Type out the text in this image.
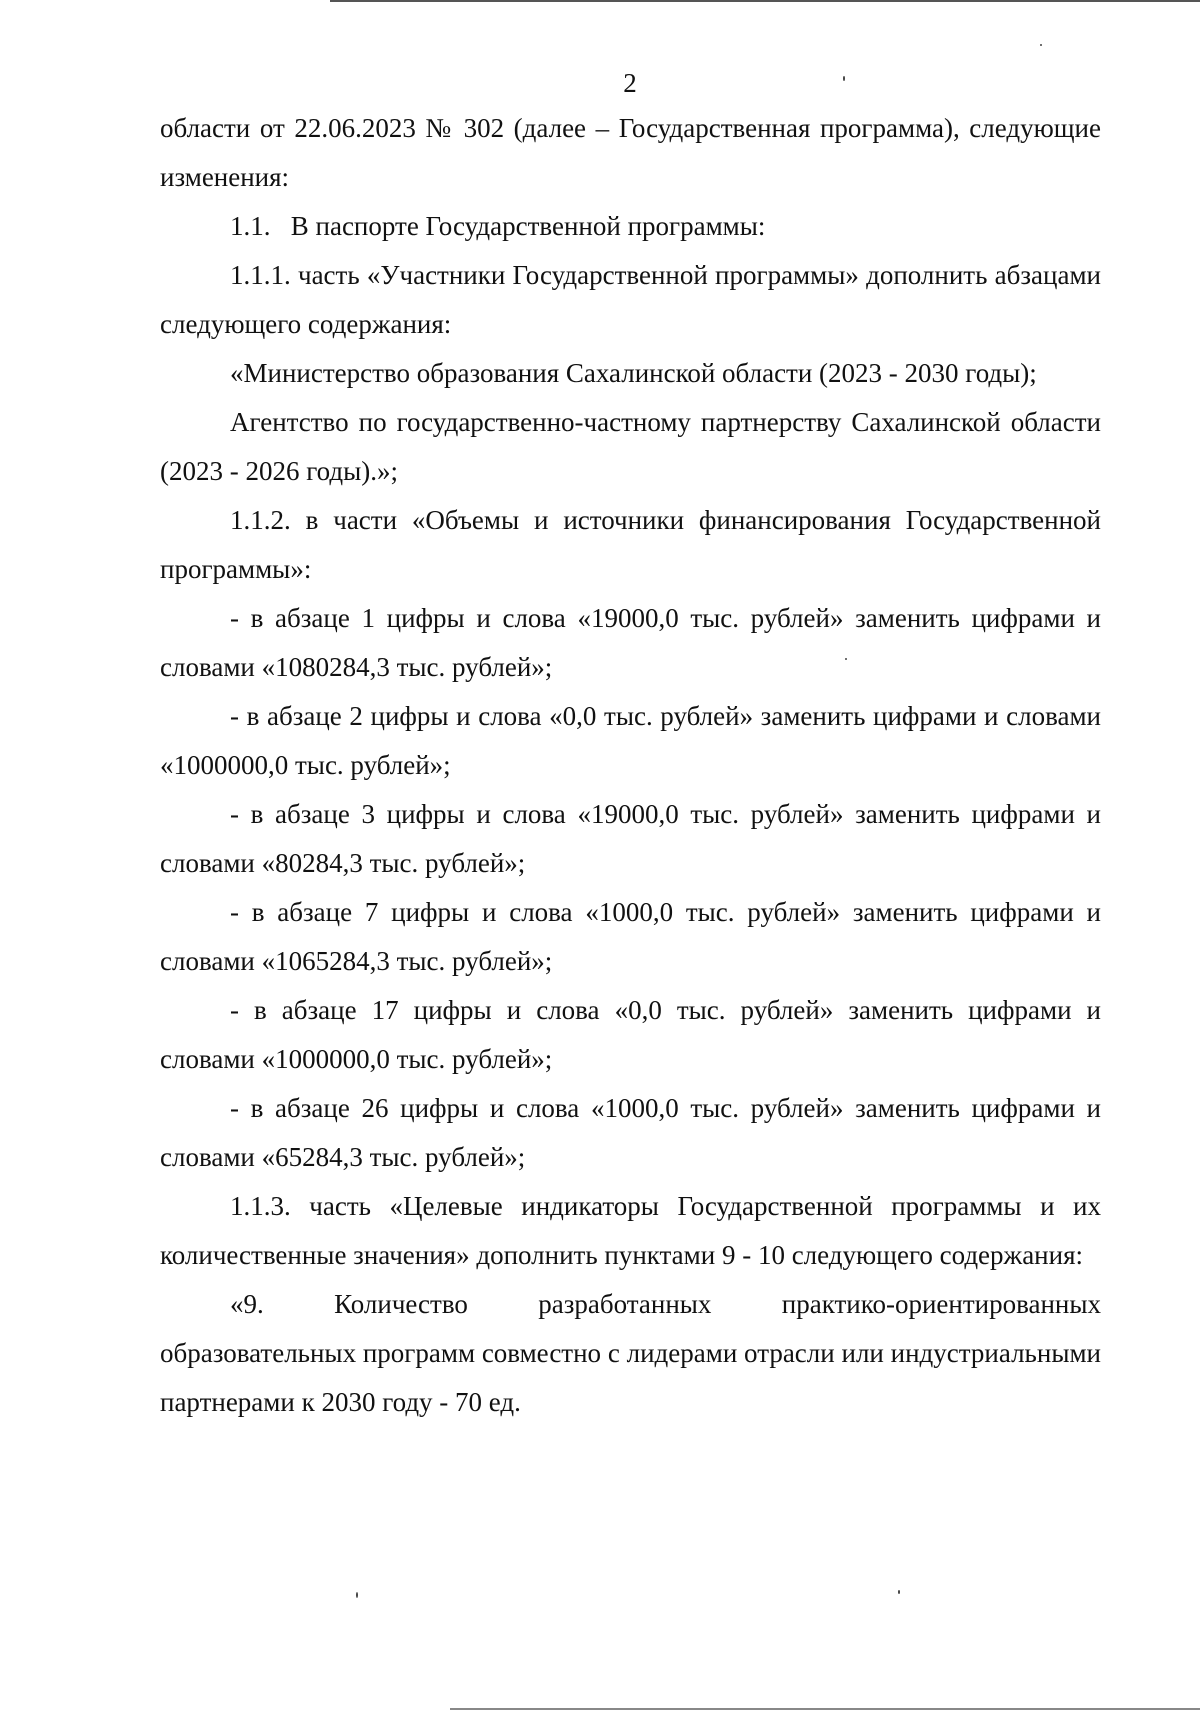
2

области от 22.06.2023 № 302 (далее – Государственная программа), следующие изменения:

1.1.   В паспорте Государственной программы:

1.1.1. часть «Участники Государственной программы» дополнить абзацами следующего содержания:

«Министерство образования Сахалинской области (2023 - 2030 годы);

Агентство по государственно-частному партнерству Сахалинской области (2023 - 2026 годы).»;

1.1.2. в части «Объемы и источники финансирования Государственной программы»:

- в абзаце 1 цифры и слова «19000,0 тыс. рублей» заменить цифрами и словами «1080284,3 тыс. рублей»;

- в абзаце 2 цифры и слова «0,0 тыс. рублей» заменить цифрами и словами «1000000,0 тыс. рублей»;

- в абзаце 3 цифры и слова «19000,0 тыс. рублей» заменить цифрами и словами «80284,3 тыс. рублей»;

- в абзаце 7 цифры и слова «1000,0 тыс. рублей» заменить цифрами и словами «1065284,3 тыс. рублей»;

- в абзаце 17 цифры и слова «0,0 тыс. рублей» заменить цифрами и словами «1000000,0 тыс. рублей»;

- в абзаце 26 цифры и слова «1000,0 тыс. рублей» заменить цифрами и словами «65284,3 тыс. рублей»;

1.1.3. часть «Целевые индикаторы Государственной программы и их количественные значения» дополнить пунктами 9 - 10 следующего содержания:

«9. Количество разработанных практико-ориентированных образовательных программ совместно с лидерами отрасли или индустриальными партнерами к 2030 году - 70 ед.
